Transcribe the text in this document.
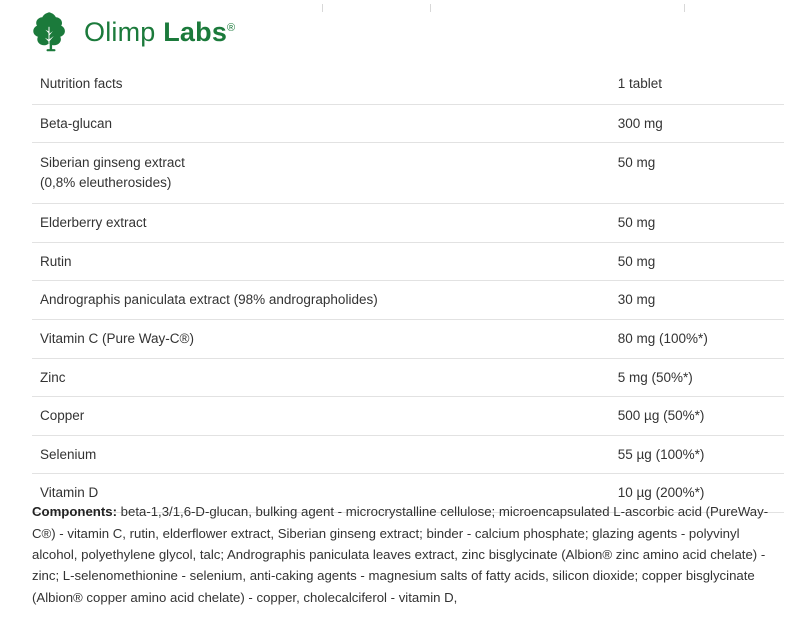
Olimp Labs®
Nutrition facts	1 tablet
Beta-glucan	300 mg

Siberian ginseng extract
(0,8% eleutherosides)	50 mg
Elderberry extract	50 mg
Rutin	50 mg
Andrographis paniculata extract (98% andrographolides)	30 mg
Vitamin C (Pure Way-C®)	80 mg (100%*)
Zinc	5 mg (50%*)
Copper	500 µg (50%*)
Selenium	55 µg (100%*)
Vitamin D	10 µg (200%*)

Components: beta-1,3/1,6-D-glucan, bulking agent - microcrystalline cellulose; microencapsulated L-ascorbic acid (PureWay-C®) - vitamin C, rutin, elderflower extract, Siberian ginseng extract; binder - calcium phosphate; glazing agents - polyvinyl alcohol, polyethylene glycol, talc; Andrographis paniculata leaves extract, zinc bisglycinate (Albion® zinc amino acid chelate) - zinc; L-selenomethionine - selenium, anti-caking agents - magnesium salts of fatty acids, silicon dioxide; copper bisglycinate (Albion® copper amino acid chelate) - copper, cholecalciferol - vitamin D,
